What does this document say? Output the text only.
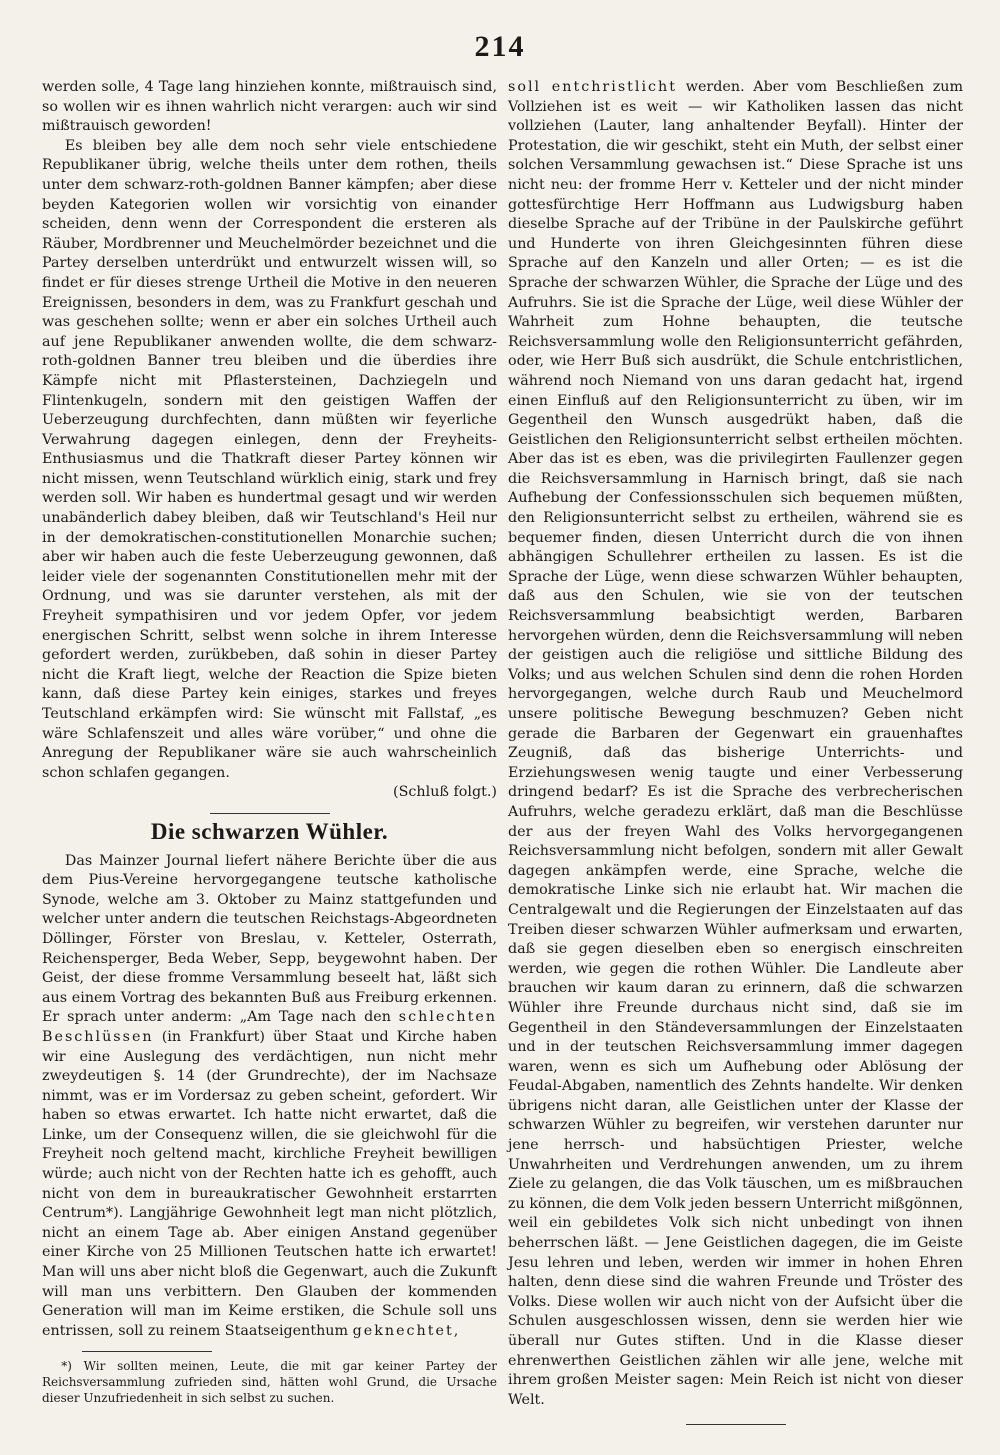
214

werden solle, 4 Tage lang hinziehen konnte, mißtrauisch sind, so wollen wir es ihnen wahrlich nicht verargen: auch wir sind mißtrauisch geworden!

Es bleiben bey alle dem noch sehr viele entschiedene Republikaner übrig, welche theils unter dem rothen, theils unter dem schwarz-roth-goldnen Banner kämpfen; aber diese beyden Kategorien wollen wir vorsichtig von einander scheiden, denn wenn der Correspondent die ersteren als Räuber, Mordbrenner und Meuchelmörder bezeichnet und die Partey derselben unterdrükt und entwurzelt wissen will, so findet er für dieses strenge Urtheil die Motive in den neueren Ereignissen, besonders in dem, was zu Frankfurt geschah und was geschehen sollte; wenn er aber ein solches Urtheil auch auf jene Republikaner anwenden wollte, die dem schwarz-roth-goldnen Banner treu bleiben und die überdies ihre Kämpfe nicht mit Pflastersteinen, Dachziegeln und Flintenkugeln, sondern mit den geistigen Waffen der Ueberzeugung durchfechten, dann müßten wir feyerliche Verwahrung dagegen einlegen, denn der Freyheits-Enthusiasmus und die Thatkraft dieser Partey können wir nicht missen, wenn Teutschland würklich einig, stark und frey werden soll. Wir haben es hundertmal gesagt und wir werden unabänderlich dabey bleiben, daß wir Teutschland's Heil nur in der demokratischen-constitutionellen Monarchie suchen; aber wir haben auch die feste Ueberzeugung gewonnen, daß leider viele der sogenannten Constitutionellen mehr mit der Ordnung, und was sie darunter verstehen, als mit der Freyheit sympathisiren und vor jedem Opfer, vor jedem energischen Schritt, selbst wenn solche in ihrem Interesse gefordert werden, zurükbeben, daß sohin in dieser Partey nicht die Kraft liegt, welche der Reaction die Spize bieten kann, daß diese Partey kein einiges, starkes und freyes Teutschland erkämpfen wird: Sie wünscht mit Fallstaf, „es wäre Schlafenszeit und alles wäre vorüber,“ und ohne die Anregung der Republikaner wäre sie auch wahrscheinlich schon schlafen gegangen.

(Schluß folgt.)
Die schwarzen Wühler.

Das Mainzer Journal liefert nähere Berichte über die aus dem Pius-Vereine hervorgegangene teutsche katholische Synode, welche am 3. Oktober zu Mainz stattgefunden und welcher unter andern die teutschen Reichstags-Abgeordneten Döllinger, Förster von Breslau, v. Ketteler, Osterrath, Reichensperger, Beda Weber, Sepp, beygewohnt haben. Der Geist, der diese fromme Versammlung beseelt hat, läßt sich aus einem Vortrag des bekannten Buß aus Freiburg erkennen. Er sprach unter anderm: „Am Tage nach den schlechten Beschlüssen (in Frankfurt) über Staat und Kirche haben wir eine Auslegung des verdächtigen, nun nicht mehr zweydeutigen §. 14 (der Grundrechte), der im Nachsaze nimmt, was er im Vordersaz zu geben scheint, gefordert. Wir haben so etwas erwartet. Ich hatte nicht erwartet, daß die Linke, um der Consequenz willen, die sie gleichwohl für die Freyheit noch geltend macht, kirchliche Freyheit bewilligen würde; auch nicht von der Rechten hatte ich es gehofft, auch nicht von dem in bureaukratischer Gewohnheit erstarrten Centrum*). Langjährige Gewohnheit legt man nicht plötzlich, nicht an einem Tage ab. Aber einigen Anstand gegenüber einer Kirche von 25 Millionen Teutschen hatte ich erwartet! Man will uns aber nicht bloß die Gegenwart, auch die Zukunft will man uns verbittern. Den Glauben der kommenden Generation will man im Keime erstiken, die Schule soll uns entrissen, soll zu reinem Staatseigenthum geknechtet,

*) Wir sollten meinen, Leute, die mit gar keiner Partey der Reichsversammlung zufrieden sind, hätten wohl Grund, die Ursache dieser Unzufriedenheit in sich selbst zu suchen.

soll entchristlicht werden. Aber vom Beschließen zum Vollziehen ist es weit — wir Katholiken lassen das nicht vollziehen (Lauter, lang anhaltender Beyfall). Hinter der Protestation, die wir geschikt, steht ein Muth, der selbst einer solchen Versammlung gewachsen ist.“ Diese Sprache ist uns nicht neu: der fromme Herr v. Ketteler und der nicht minder gottesfürchtige Herr Hoffmann aus Ludwigsburg haben dieselbe Sprache auf der Tribüne in der Paulskirche geführt und Hunderte von ihren Gleichgesinnten führen diese Sprache auf den Kanzeln und aller Orten; — es ist die Sprache der schwarzen Wühler, die Sprache der Lüge und des Aufruhrs. Sie ist die Sprache der Lüge, weil diese Wühler der Wahrheit zum Hohne behaupten, die teutsche Reichsversammlung wolle den Religionsunterricht gefährden, oder, wie Herr Buß sich ausdrükt, die Schule entchristlichen, während noch Niemand von uns daran gedacht hat, irgend einen Einfluß auf den Religionsunterricht zu üben, wir im Gegentheil den Wunsch ausgedrükt haben, daß die Geistlichen den Religionsunterricht selbst ertheilen möchten. Aber das ist es eben, was die privilegirten Faullenzer gegen die Reichsversammlung in Harnisch bringt, daß sie nach Aufhebung der Confessionsschulen sich bequemen müßten, den Religionsunterricht selbst zu ertheilen, während sie es bequemer finden, diesen Unterricht durch die von ihnen abhängigen Schullehrer ertheilen zu lassen. Es ist die Sprache der Lüge, wenn diese schwarzen Wühler behaupten, daß aus den Schulen, wie sie von der teutschen Reichsversammlung beabsichtigt werden, Barbaren hervorgehen würden, denn die Reichsversammlung will neben der geistigen auch die religiöse und sittliche Bildung des Volks; und aus welchen Schulen sind denn die rohen Horden hervorgegangen, welche durch Raub und Meuchelmord unsere politische Bewegung beschmuzen? Geben nicht gerade die Barbaren der Gegenwart ein grauenhaftes Zeugniß, daß das bisherige Unterrichts- und Erziehungswesen wenig taugte und einer Verbesserung dringend bedarf? Es ist die Sprache des verbrecherischen Aufruhrs, welche geradezu erklärt, daß man die Beschlüsse der aus der freyen Wahl des Volks hervorgegangenen Reichsversammlung nicht befolgen, sondern mit aller Gewalt dagegen ankämpfen werde, eine Sprache, welche die demokratische Linke sich nie erlaubt hat. Wir machen die Centralgewalt und die Regierungen der Einzelstaaten auf das Treiben dieser schwarzen Wühler aufmerksam und erwarten, daß sie gegen dieselben eben so energisch einschreiten werden, wie gegen die rothen Wühler. Die Landleute aber brauchen wir kaum daran zu erinnern, daß die schwarzen Wühler ihre Freunde durchaus nicht sind, daß sie im Gegentheil in den Ständeversammlungen der Einzelstaaten und in der teutschen Reichsversammlung immer dagegen waren, wenn es sich um Aufhebung oder Ablösung der Feudal-Abgaben, namentlich des Zehnts handelte. Wir denken übrigens nicht daran, alle Geistlichen unter der Klasse der schwarzen Wühler zu begreifen, wir verstehen darunter nur jene herrsch- und habsüchtigen Priester, welche Unwahrheiten und Verdrehungen anwenden, um zu ihrem Ziele zu gelangen, die das Volk täuschen, um es mißbrauchen zu können, die dem Volk jeden bessern Unterricht mißgönnen, weil ein gebildetes Volk sich nicht unbedingt von ihnen beherrschen läßt. — Jene Geistlichen dagegen, die im Geiste Jesu lehren und leben, werden wir immer in hohen Ehren halten, denn diese sind die wahren Freunde und Tröster des Volks. Diese wollen wir auch nicht von der Aufsicht über die Schulen ausgeschlossen wissen, denn sie werden hier wie überall nur Gutes stiften. Und in die Klasse dieser ehrenwerthen Geistlichen zählen wir alle jene, welche mit ihrem großen Meister sagen: Mein Reich ist nicht von dieser Welt.
